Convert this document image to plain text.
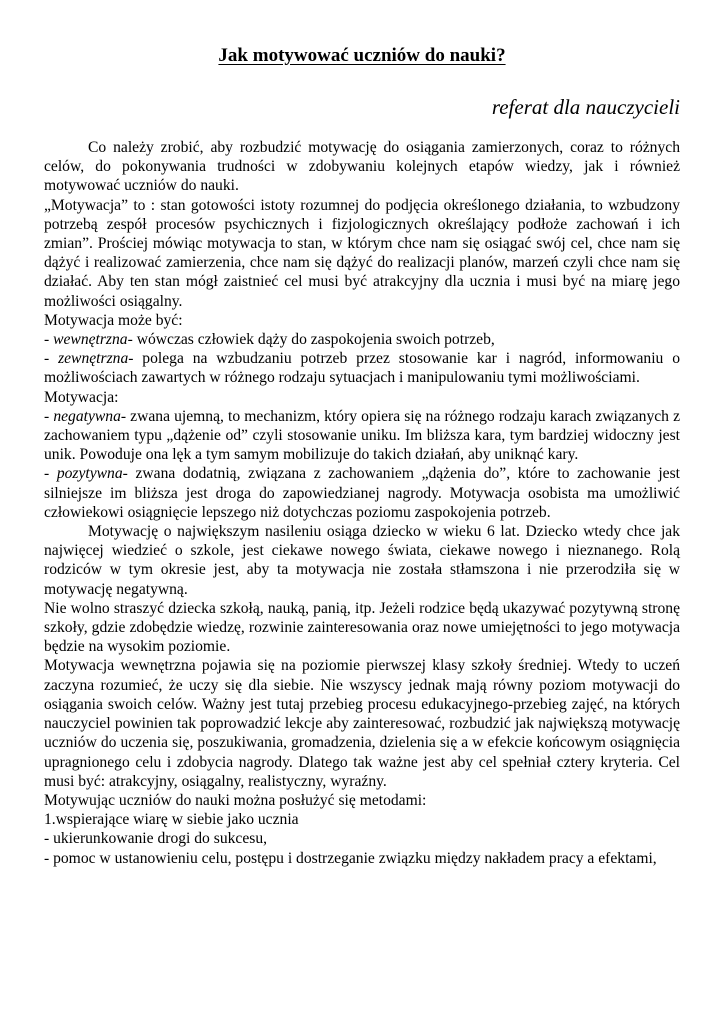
Jak motywować uczniów do nauki?
referat dla nauczycieli

Co należy zrobić, aby rozbudzić motywację do osiągania zamierzonych, coraz to różnych celów, do pokonywania trudności w zdobywaniu kolejnych etapów wiedzy, jak i również motywować uczniów do nauki.

„Motywacja” to : stan gotowości istoty rozumnej do podjęcia określonego działania, to wzbudzony potrzebą zespół procesów psychicznych i fizjologicznych określający podłoże zachowań i ich zmian”. Prościej mówiąc motywacja to stan, w którym chce nam się osiągać swój cel, chce nam się dążyć i realizować zamierzenia, chce nam się dążyć do realizacji planów, marzeń czyli chce nam się działać. Aby ten stan mógł zaistnieć cel musi być atrakcyjny dla ucznia i musi być na miarę jego możliwości osiągalny.

Motywacja może być:

- wewnętrzna- wówczas człowiek dąży do zaspokojenia swoich potrzeb,

- zewnętrzna- polega na wzbudzaniu potrzeb przez stosowanie kar i nagród, informowaniu o możliwościach zawartych w różnego rodzaju sytuacjach i manipulowaniu tymi możliwościami.

Motywacja:

- negatywna- zwana ujemną, to mechanizm, który opiera się na różnego rodzaju karach związanych z zachowaniem typu „dążenie od” czyli stosowanie uniku. Im bliższa kara, tym bardziej widoczny jest unik. Powoduje ona lęk a tym samym mobilizuje do takich działań, aby uniknąć kary.

- pozytywna- zwana dodatnią, związana z zachowaniem „dążenia do”, które to zachowanie jest silniejsze im bliższa jest droga do zapowiedzianej nagrody. Motywacja osobista ma umożliwić człowiekowi osiągnięcie lepszego niż dotychczas poziomu zaspokojenia potrzeb.

Motywację o największym nasileniu osiąga dziecko w wieku 6 lat. Dziecko wtedy chce jak najwięcej wiedzieć o szkole, jest ciekawe nowego świata, ciekawe nowego i nieznanego. Rolą rodziców w tym okresie jest, aby ta motywacja nie została stłamszona i nie przerodziła się w motywację negatywną.

Nie wolno straszyć dziecka szkołą, nauką, panią, itp. Jeżeli rodzice będą ukazywać pozytywną stronę szkoły, gdzie zdobędzie wiedzę, rozwinie zainteresowania oraz nowe umiejętności to jego motywacja będzie na wysokim poziomie.

Motywacja wewnętrzna pojawia się na poziomie pierwszej klasy szkoły średniej. Wtedy to uczeń zaczyna rozumieć, że uczy się dla siebie. Nie wszyscy jednak mają równy poziom motywacji do osiągania swoich celów. Ważny jest tutaj przebieg procesu edukacyjnego-przebieg zajęć, na których nauczyciel powinien tak poprowadzić lekcje aby zainteresować, rozbudzić jak największą motywację uczniów do uczenia się, poszukiwania, gromadzenia, dzielenia się a w efekcie końcowym osiągnięcia upragnionego celu i zdobycia nagrody. Dlatego tak ważne jest aby cel spełniał cztery kryteria. Cel musi być: atrakcyjny, osiągalny, realistyczny, wyraźny.

Motywując uczniów do nauki można posłużyć się metodami:

1.wspierające wiarę w siebie jako ucznia

- ukierunkowanie drogi do sukcesu,

- pomoc w ustanowieniu celu, postępu i dostrzeganie związku między nakładem pracy a efektami,
